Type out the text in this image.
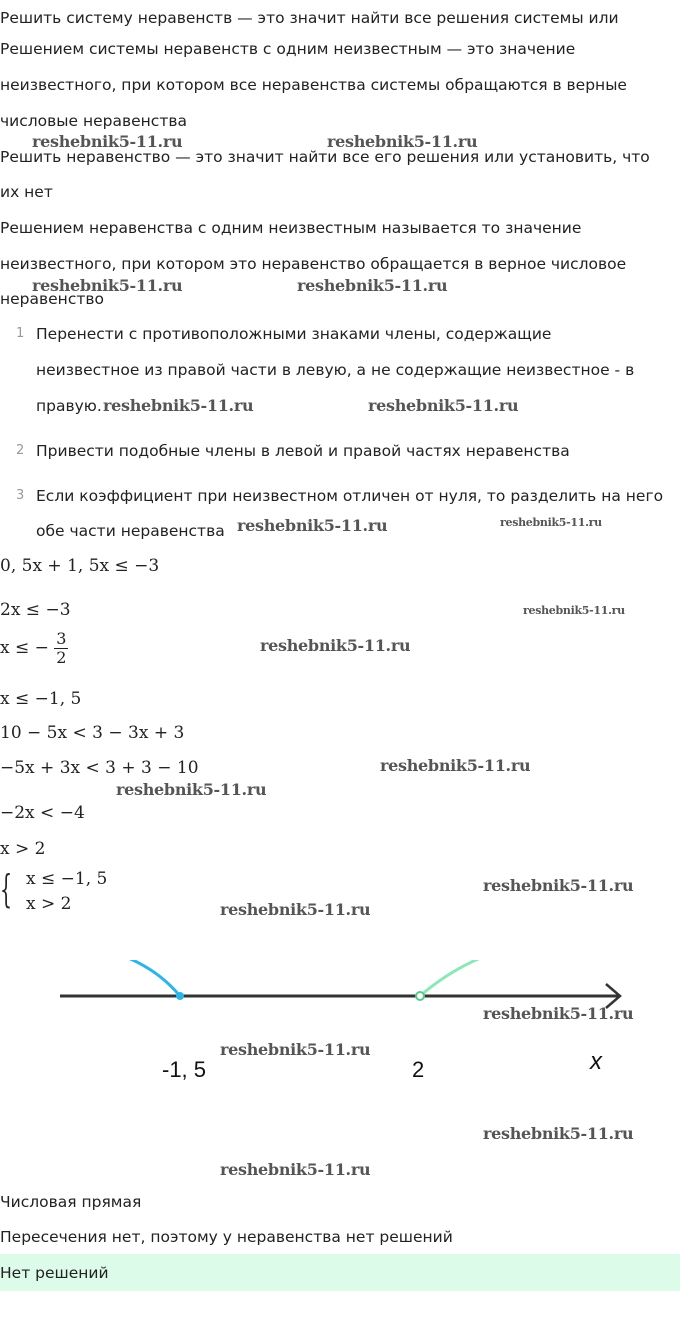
Решить систему неравенств — это значит найти все решения системы или
Решением системы неравенств с одним неизвестным — это значение
неизвестного, при котором все неравенства системы обращаются в верные
числовые неравенства
Решить неравенство — это значит найти все его решения или установить, что
их нет
Решением неравенства с одним неизвестным называется то значение
неизвестного, при котором это неравенство обращается в верное числовое
неравенство
1 Перенести с противоположными знаками члены, содержащие
неизвестное из правой части в левую, а не содержащие неизвестное - в
правую.
2 Привести подобные члены в левой и правой частях неравенства
3 Если коэффициент при неизвестном отличен от нуля, то разделить на него
обе части неравенства
0, 5x + 1, 5x ≤ −3
2x ≤ −3
x ≤ − $\frac{3}{2}$
x ≤ −1, 5
10 − 5x < 3 − 3x + 3
−5x + 3x < 3 + 3 − 10
−2x < −4
x > 2
{ x ≤ −1, 5
x > 2
-1, 5	2	x
Числовая прямая
Пересечения нет, поэтому у неравенства нет решений
Нет решений
reshebnik5-11.ru	reshebnik5-11.ru
reshebnik5-11.ru	reshebnik5-11.ru
reshebnik5-11.ru	reshebnik5-11.ru
reshebnik5-11.ru	reshebnik5-11.ru
reshebnik5-11.ru
reshebnik5-11.ru
reshebnik5-11.ru
reshebnik5-11.ru
reshebnik5-11.ru
reshebnik5-11.ru
reshebnik5-11.ru
reshebnik5-11.ru
reshebnik5-11.ru
reshebnik5-11.ru
